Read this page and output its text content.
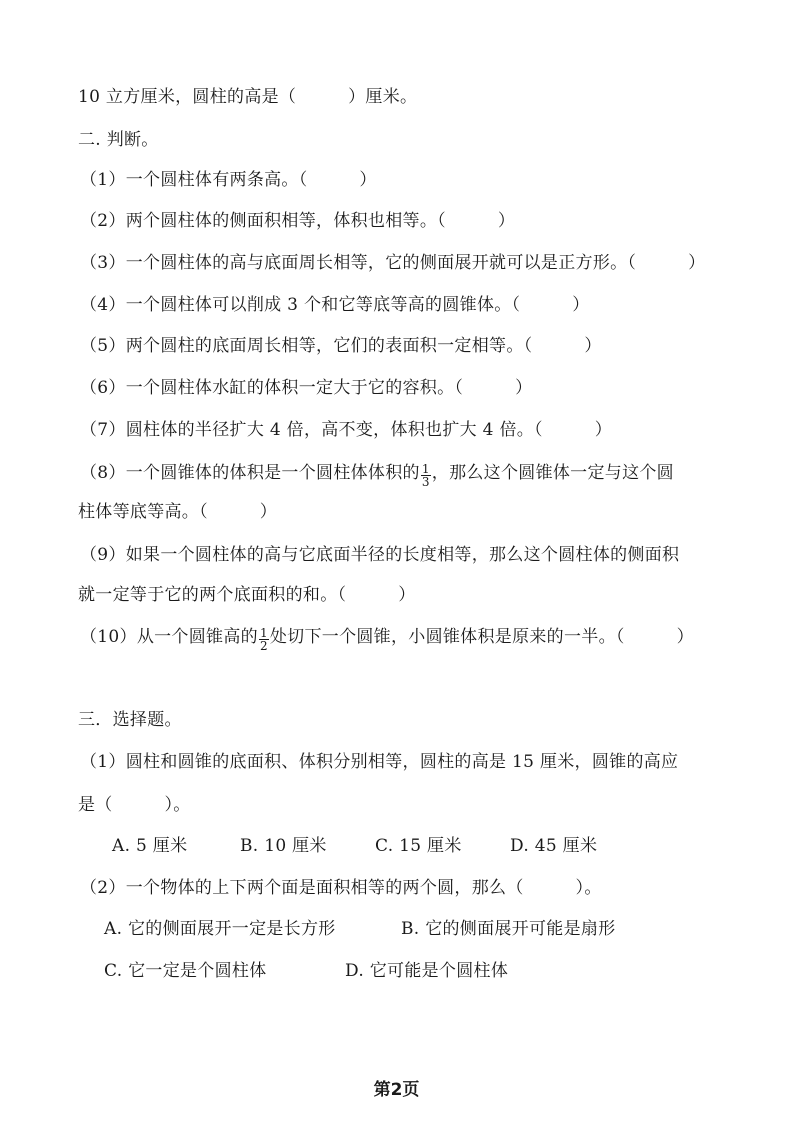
10 立方厘米，圆柱的高是（　　　）厘米。
二. 判断。
（1）一个圆柱体有两条高。（　　　）
（2）两个圆柱体的侧面积相等，体积也相等。（　　　）
（3）一个圆柱体的高与底面周长相等，它的侧面展开就可以是正方形。（　　　）
（4）一个圆柱体可以削成 3 个和它等底等高的圆锥体。（　　　）
（5）两个圆柱的底面周长相等，它们的表面积一定相等。（　　　）
（6）一个圆柱体水缸的体积一定大于它的容积。（　　　）
（7）圆柱体的半径扩大 4 倍，高不变，体积也扩大 4 倍。（　　　）
（8）一个圆锥体的体积是一个圆柱体体积的 $\frac{1}{3}$ ，那么这个圆锥体一定与这个圆
柱体等底等高。（　　　）
（9）如果一个圆柱体的高与它底面半径的长度相等，那么这个圆柱体的侧面积
就一定等于它的两个底面积的和。（　　　）
（10）从一个圆锥高的 $\frac{1}{2}$ 处切下一个圆锥，小圆锥体积是原来的一半。（　　　）
三．选择题。
（1）圆柱和圆锥的底面积、体积分别相等，圆柱的高是 15 厘米，圆锥的高应
是（　　　）。
A. 5 厘米	B. 10 厘米	C. 15 厘米	D. 45 厘米
（2）一个物体的上下两个面是面积相等的两个圆，那么（　　　）。
A. 它的侧面展开一定是长方形	B. 它的侧面展开可能是扇形
C. 它一定是个圆柱体	D. 它可能是个圆柱体
第2页
